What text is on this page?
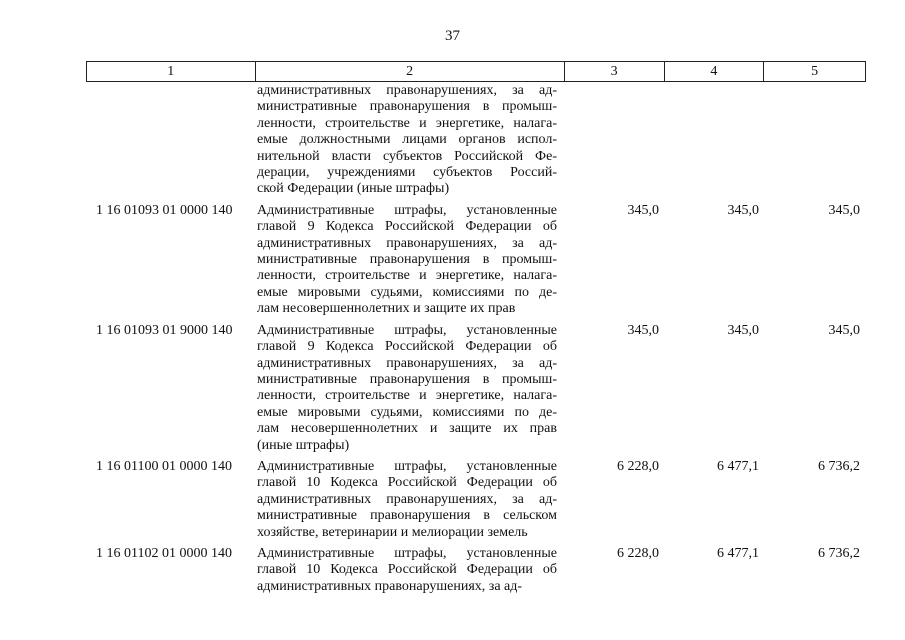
37
1	2	3	4	5
административных правонарушениях, за ад-
министративные правонарушения в промыш-
ленности, строительстве и энергетике, налага-
емые должностными лицами органов испол-
нительной власти субъектов Российской Фе-
дерации, учреждениями субъектов Россий-
ской Федерации (иные штрафы)
1 16 01093 01 0000 140	Административные штрафы, установленные
главой 9 Кодекса Российской Федерации об
административных правонарушениях, за ад-
министративные правонарушения в промыш-
ленности, строительстве и энергетике, налага-
емые мировыми судьями, комиссиями по де-
лам несовершеннолетних и защите их прав
345,0	345,0	345,0
1 16 01093 01 9000 140	Административные штрафы, установленные
главой 9 Кодекса Российской Федерации об
административных правонарушениях, за ад-
министративные правонарушения в промыш-
ленности, строительстве и энергетике, налага-
емые мировыми судьями, комиссиями по де-
лам несовершеннолетних и защите их прав
(иные штрафы)
345,0	345,0	345,0
1 16 01100 01 0000 140	Административные штрафы, установленные
главой 10 Кодекса Российской Федерации об
административных правонарушениях, за ад-
министративные правонарушения в сельском
хозяйстве, ветеринарии и мелиорации земель
6 228,0	6 477,1	6 736,2
1 16 01102 01 0000 140	Административные штрафы, установленные
главой 10 Кодекса Российской Федерации об
административных правонарушениях, за ад-
6 228,0	6 477,1	6 736,2
